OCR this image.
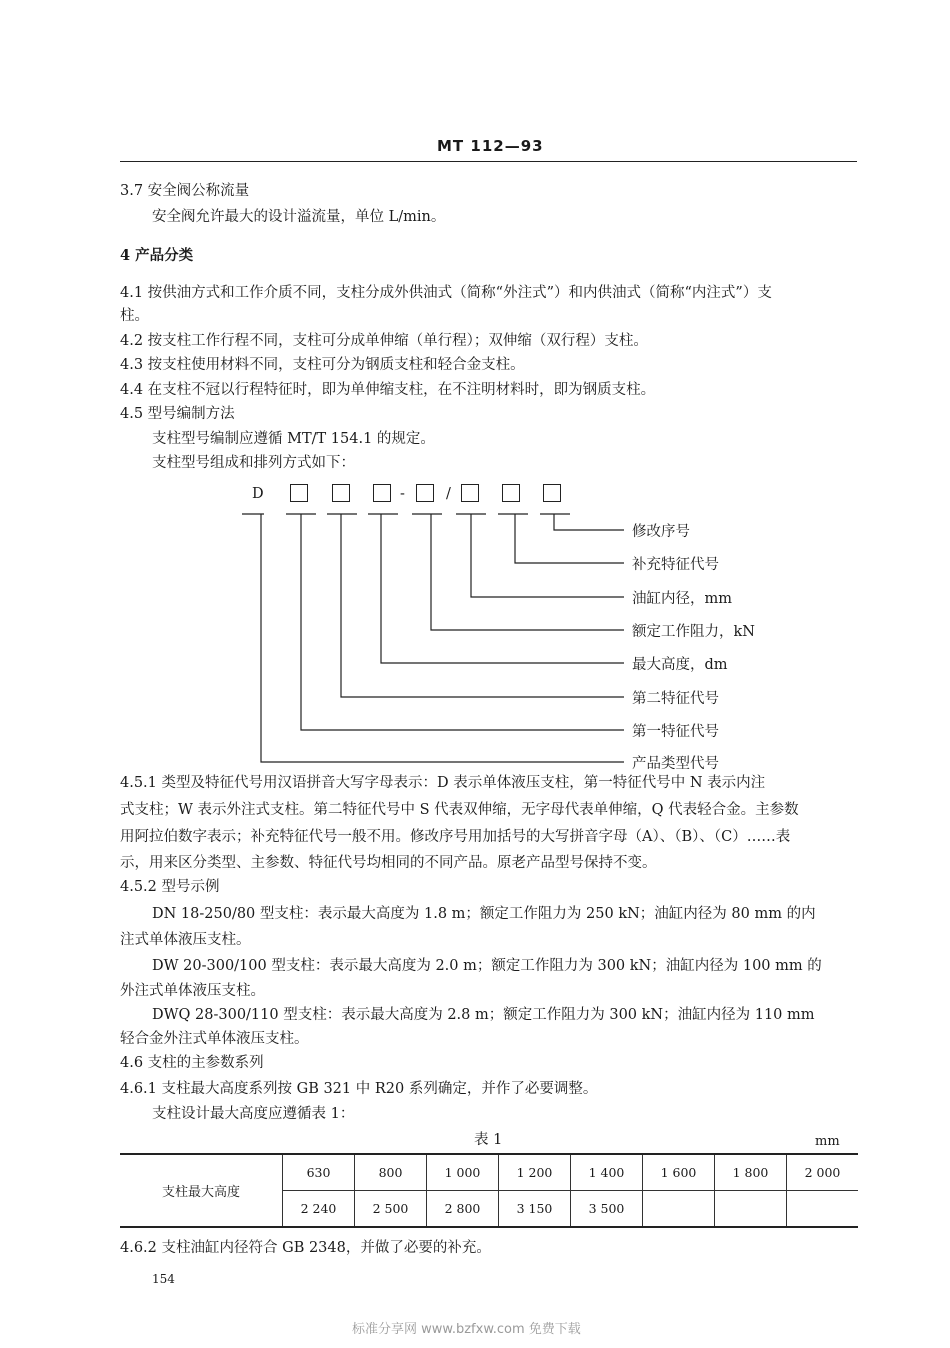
MT 112—93
3.7 安全阀公称流量
安全阀允许最大的设计溢流量，单位 L/min。
4 产品分类
4.1 按供油方式和工作介质不同，支柱分成外供油式（简称“外注式”）和内供油式（简称“内注式”）支
柱。
4.2 按支柱工作行程不同，支柱可分成单伸缩（单行程）；双伸缩（双行程）支柱。
4.3 按支柱使用材料不同，支柱可分为钢质支柱和轻合金支柱。
4.4 在支柱不冠以行程特征时，即为单伸缩支柱，在不注明材料时，即为钢质支柱。
4.5 型号编制方法
支柱型号编制应遵循 MT/T 154.1 的规定。
支柱型号组成和排列方式如下：
D	-	/
修改序号
补充特征代号
油缸内径，mm
额定工作阻力，kN
最大高度，dm
第二特征代号
第一特征代号
产品类型代号
4.5.1 类型及特征代号用汉语拼音大写字母表示：D 表示单体液压支柱，第一特征代号中 N 表示内注
式支柱；W 表示外注式支柱。第二特征代号中 S 代表双伸缩，无字母代表单伸缩，Q 代表轻合金。主参数
用阿拉伯数字表示；补充特征代号一般不用。修改序号用加括号的大写拼音字母（A）、（B）、（C）……表
示，用来区分类型、主参数、特征代号均相同的不同产品。原老产品型号保持不变。
4.5.2 型号示例
DN 18-250/80 型支柱：表示最大高度为 1.8 m；额定工作阻力为 250 kN；油缸内径为 80 mm 的内
注式单体液压支柱。
DW 20-300/100 型支柱：表示最大高度为 2.0 m；额定工作阻力为 300 kN；油缸内径为 100 mm 的
外注式单体液压支柱。
DWQ 28-300/110 型支柱：表示最大高度为 2.8 m；额定工作阻力为 300 kN；油缸内径为 110 mm
轻合金外注式单体液压支柱。
4.6 支柱的主参数系列
4.6.1 支柱最大高度系列按 GB 321 中 R20 系列确定，并作了必要调整。
支柱设计最大高度应遵循表 1：
表 1	mm
支柱最大高度	630	800	1 000	1 200	1 400	1 600	1 800	2 000
	2 240	2 500	2 800	3 150	3 500			
4.6.2 支柱油缸内径符合 GB 2348，并做了必要的补充。
154
标准分享网 www.bzfxw.com 免费下载
